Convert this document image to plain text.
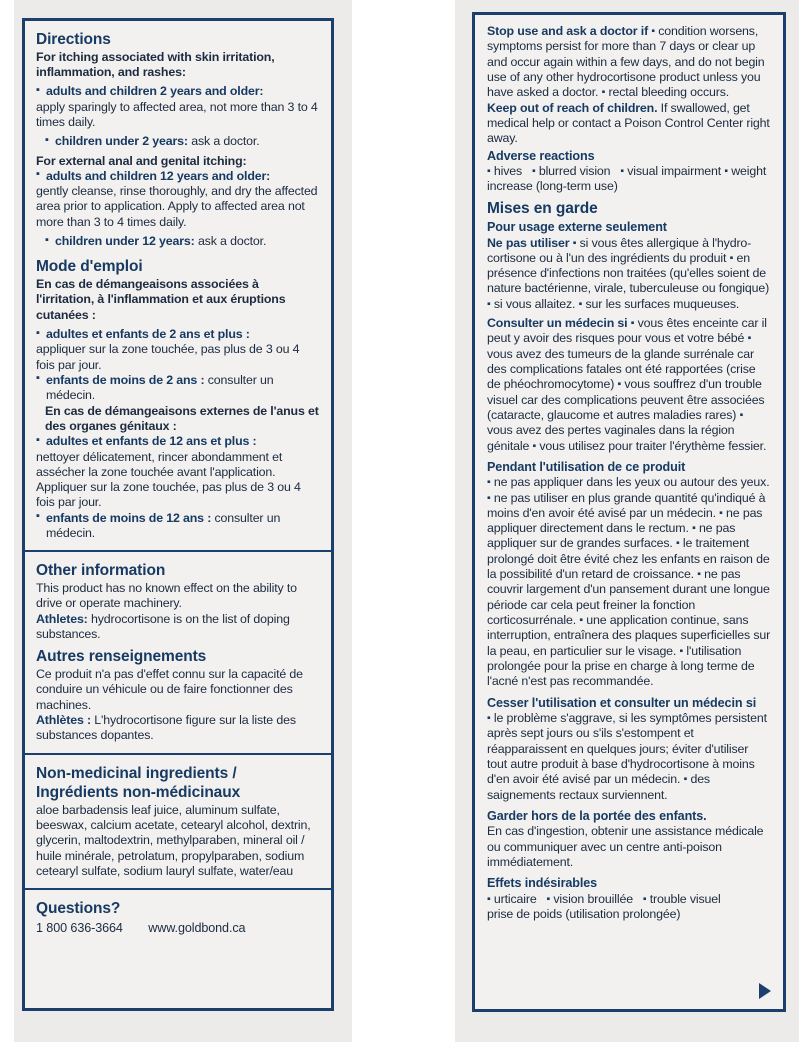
Directions

For itching associated with skin irritation, inflammation, and rashes:

▪ adults and children 2 years and older:

apply sparingly to affected area, not more than 3 to 4 times daily.

▪ children under 2 years: ask a doctor.

For external anal and genital itching:

▪ adults and children 12 years and older:

gently cleanse, rinse thoroughly, and dry the affected area prior to application. Apply to affected area not more than 3 to 4 times daily.

▪ children under 12 years: ask a doctor.

Mode d'emploi

En cas de démangeaisons associées à l'irritation, à l'inflammation et aux éruptions cutanées :

▪ adultes et enfants de 2 ans et plus :

appliquer sur la zone touchée, pas plus de 3 ou 4 fois par jour.

▪ enfants de moins de 2 ans : consulter un médecin.

En cas de démangeaisons externes de l'anus et des organes génitaux :

▪ adultes et enfants de 12 ans et plus :

nettoyer délicatement, rincer abondamment et assécher la zone touchée avant l'application. Appliquer sur la zone touchée, pas plus de 3 ou 4 fois par jour.

▪ enfants de moins de 12 ans : consulter un médecin.

Other information

This product has no known effect on the ability to drive or operate machinery.

Athletes: hydrocortisone is on the list of doping substances.

Autres renseignements

Ce produit n'a pas d'effet connu sur la capacité de conduire un véhicule ou de faire fonctionner des machines.

Athlètes : L'hydrocortisone figure sur la liste des substances dopantes.

Non-medicinal ingredients /
Ingrédients non-médicinaux

aloe barbadensis leaf juice, aluminum sulfate, beeswax, calcium acetate, cetearyl alcohol, dextrin, glycerin, maltodextrin, methylparaben, mineral oil / huile minérale, petrolatum, propylparaben, sodium cetearyl sulfate, sodium lauryl sulfate, water/eau

Questions?
1 800 636-3664 www.goldbond.ca

Stop use and ask a doctor if ▪ condition worsens, symptoms persist for more than 7 days or clear up and occur again within a few days, and do not begin use of any other hydrocortisone product unless you have asked a doctor. ▪ rectal bleeding occurs.

Keep out of reach of children. If swallowed, get medical help or contact a Poison Control Center right away.

Adverse reactions

▪ hives ▪ blurred vision ▪ visual impairment ▪ weight increase (long-term use)

Mises en garde
Pour usage externe seulement

Ne pas utiliser ▪ si vous êtes allergique à l'hydro-cortisone ou à l'un des ingrédients du produit ▪ en présence d'infections non traitées (qu'elles soient de nature bactérienne, virale, tuberculeuse ou fongique) ▪ si vous allaitez. ▪ sur les surfaces muqueuses.

Consulter un médecin si ▪ vous êtes enceinte car il peut y avoir des risques pour vous et votre bébé ▪ vous avez des tumeurs de la glande surrénale car des complications fatales ont été rapportées (crise de phéochromocytome) ▪ vous souffrez d'un trouble visuel car des complications peuvent être associées (cataracte, glaucome et autres maladies rares) ▪ vous avez des pertes vaginales dans la région génitale ▪ vous utilisez pour traiter l'érythème fessier.

Pendant l'utilisation de ce produit

▪ ne pas appliquer dans les yeux ou autour des yeux. ▪ ne pas utiliser en plus grande quantité qu'indiqué à moins d'en avoir été avisé par un médecin. ▪ ne pas appliquer directement dans le rectum. ▪ ne pas appliquer sur de grandes surfaces. ▪ le traitement prolongé doit être évité chez les enfants en raison de la possibilité d'un retard de croissance. ▪ ne pas couvrir largement d'un pansement durant une longue période car cela peut freiner la fonction corticosurrénale. ▪ une application continue, sans interruption, entraînera des plaques superficielles sur la peau, en particulier sur le visage. ▪ l'utilisation prolongée pour la prise en charge à long terme de l'acné n'est pas recommandée.

Cesser l'utilisation et consulter un médecin si

▪ le problème s'aggrave, si les symptômes persistent après sept jours ou s'ils s'estompent et réapparaissent en quelques jours; éviter d'utiliser tout autre produit à base d'hydrocortisone à moins d'en avoir été avisé par un médecin. ▪ des saignements rectaux surviennent.

Garder hors de la portée des enfants.

En cas d'ingestion, obtenir une assistance médicale ou communiquer avec un centre anti-poison immédiatement.

Effets indésirables

▪ urticaire ▪ vision brouillée ▪ trouble visuel

prise de poids (utilisation prolongée)
